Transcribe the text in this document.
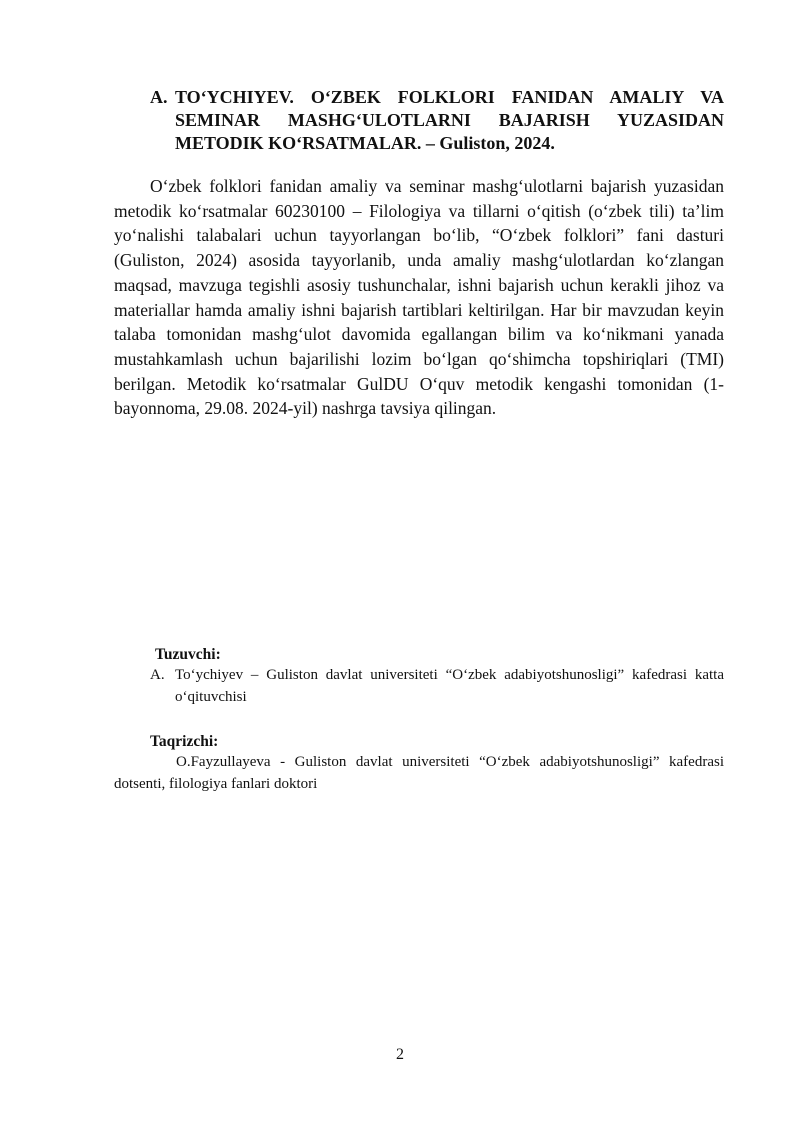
A. TO‘YCHIYEV. O‘ZBEK FOLKLORI FANIDAN AMALIY VA SEMINAR MASHG‘ULOTLARNI BAJARISH YUZASIDAN METODIK KO‘RSATMALAR. – Guliston, 2024.

O‘zbek folklori fanidan amaliy va seminar mashg‘ulotlarni bajarish yuzasidan metodik ko‘rsatmalar 60230100 – Filologiya va tillarni o‘qitish (o‘zbek tili) ta’lim yo‘nalishi talabalari uchun tayyorlangan bo‘lib, “O‘zbek folklori” fani dasturi (Guliston, 2024) asosida tayyorlanib, unda amaliy mashg‘ulotlardan ko‘zlangan maqsad, mavzuga tegishli asosiy tushunchalar, ishni bajarish uchun kerakli jihoz va materiallar hamda amaliy ishni bajarish tartiblari keltirilgan. Har bir mavzudan keyin talaba tomonidan mashg‘ulot davomida egallangan bilim va ko‘nikmani yanada mustahkamlash uchun bajarilishi lozim bo‘lgan qo‘shimcha topshiriqlari (TMI) berilgan. Metodik ko‘rsatmalar GulDU O‘quv metodik kengashi tomonidan (1-bayonnoma, 29.08. 2024-yil) nashrga tavsiya qilingan.

Tuzuvchi:
A. To‘ychiyev – Guliston davlat universiteti “O‘zbek adabiyotshunosligi” kafedrasi katta o‘qituvchisi
Taqrizchi:

O.Fayzullayeva - Guliston davlat universiteti “O‘zbek adabiyotshunosligi” kafedrasi dotsenti, filologiya fanlari doktori

2
